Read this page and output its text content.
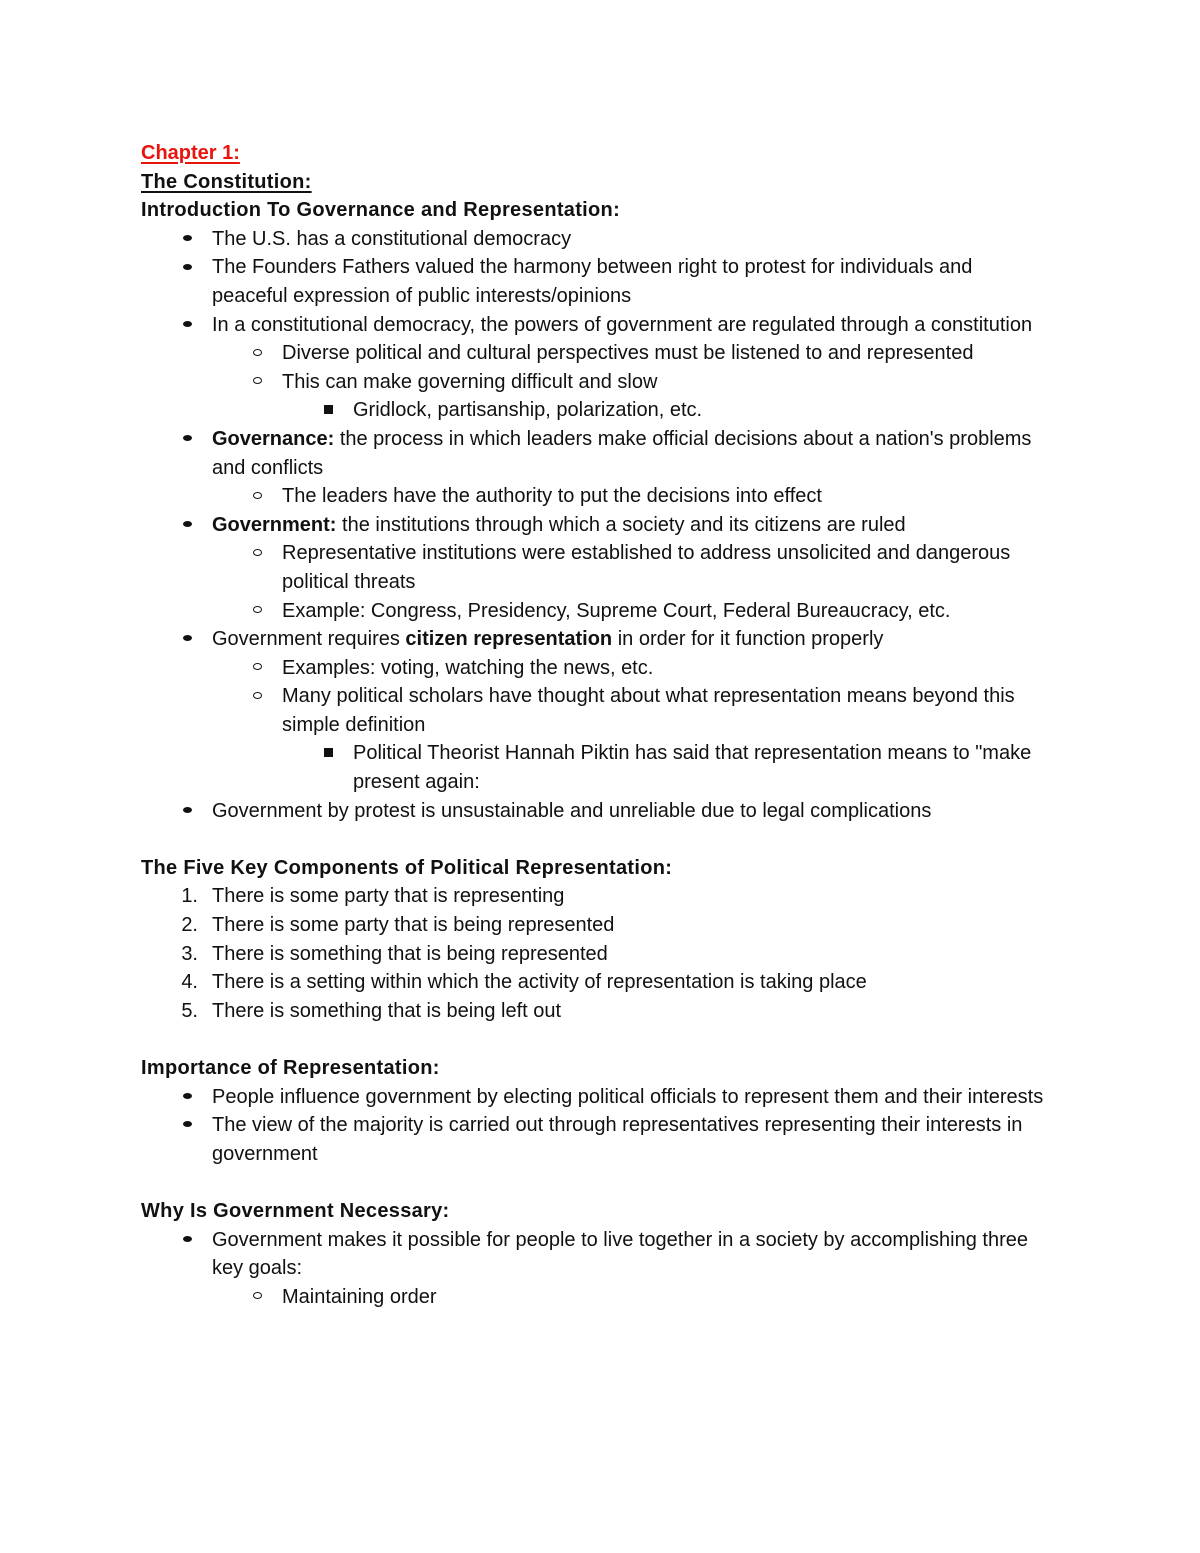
Chapter 1:
The Constitution:
Introduction To Governance and Representation:
The U.S. has a constitutional democracy
The Founders Fathers valued the harmony between right to protest for individuals and peaceful expression of public interests/opinions
In a constitutional democracy, the powers of government are regulated through a constitution
Diverse political and cultural perspectives must be listened to and represented
This can make governing difficult and slow
Gridlock, partisanship, polarization, etc.
Governance: the process in which leaders make official decisions about a nation's problems and conflicts
The leaders have the authority to put the decisions into effect
Government: the institutions through which a society and its citizens are ruled
Representative institutions were established to address unsolicited and dangerous political threats
Example: Congress, Presidency, Supreme Court, Federal Bureaucracy, etc.
Government requires citizen representation in order for it function properly
Examples: voting, watching the news, etc.
Many political scholars have thought about what representation means beyond this simple definition
Political Theorist Hannah Piktin has said that representation means to "make present again:
Government by protest is unsustainable and unreliable due to legal complications
The Five Key Components of Political Representation:
1. There is some party that is representing
2. There is some party that is being represented
3. There is something that is being represented
4. There is a setting within which the activity of representation is taking place
5. There is something that is being left out
Importance of Representation:
People influence government by electing political officials to represent them and their interests
The view of the majority is carried out through representatives representing their interests in government
Why Is Government Necessary:
Government makes it possible for people to live together in a society by accomplishing three key goals:
Maintaining order
